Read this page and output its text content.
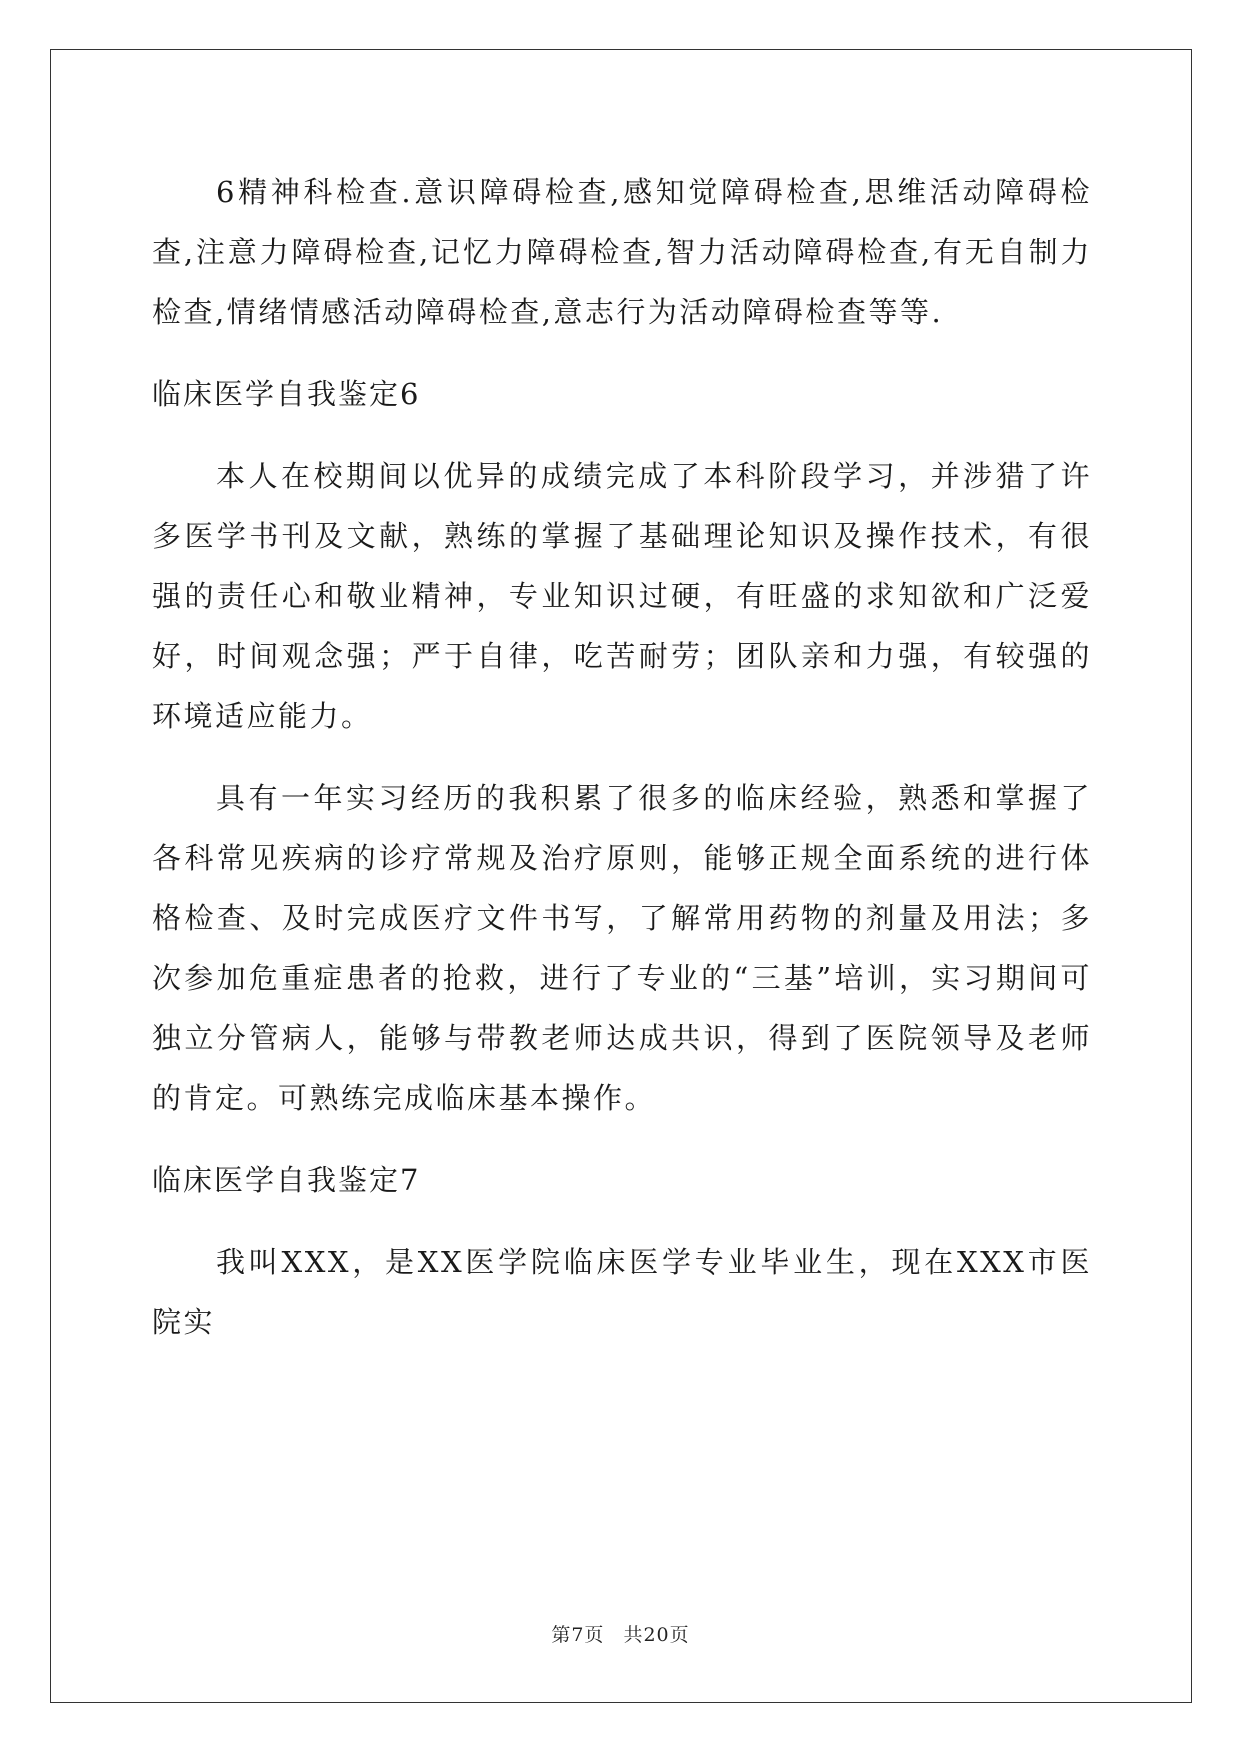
6精神科检查.意识障碍检查,感知觉障碍检查,思维活动障碍检查,注意力障碍检查,记忆力障碍检查,智力活动障碍检查,有无自制力检查,情绪情感活动障碍检查,意志行为活动障碍检查等等.

临床医学自我鉴定6

本人在校期间以优异的成绩完成了本科阶段学习，并涉猎了许多医学书刊及文献，熟练的掌握了基础理论知识及操作技术，有很强的责任心和敬业精神，专业知识过硬，有旺盛的求知欲和广泛爱好，时间观念强；严于自律，吃苦耐劳；团队亲和力强，有较强的环境适应能力。

具有一年实习经历的我积累了很多的临床经验，熟悉和掌握了各科常见疾病的诊疗常规及治疗原则，能够正规全面系统的进行体格检查、及时完成医疗文件书写，了解常用药物的剂量及用法；多次参加危重症患者的抢救，进行了专业的“三基”培训，实习期间可独立分管病人，能够与带教老师达成共识，得到了医院领导及老师的肯定。可熟练完成临床基本操作。

临床医学自我鉴定7

我叫XXX，是XX医学院临床医学专业毕业生，现在XXX市医院实

第7页 共20页
